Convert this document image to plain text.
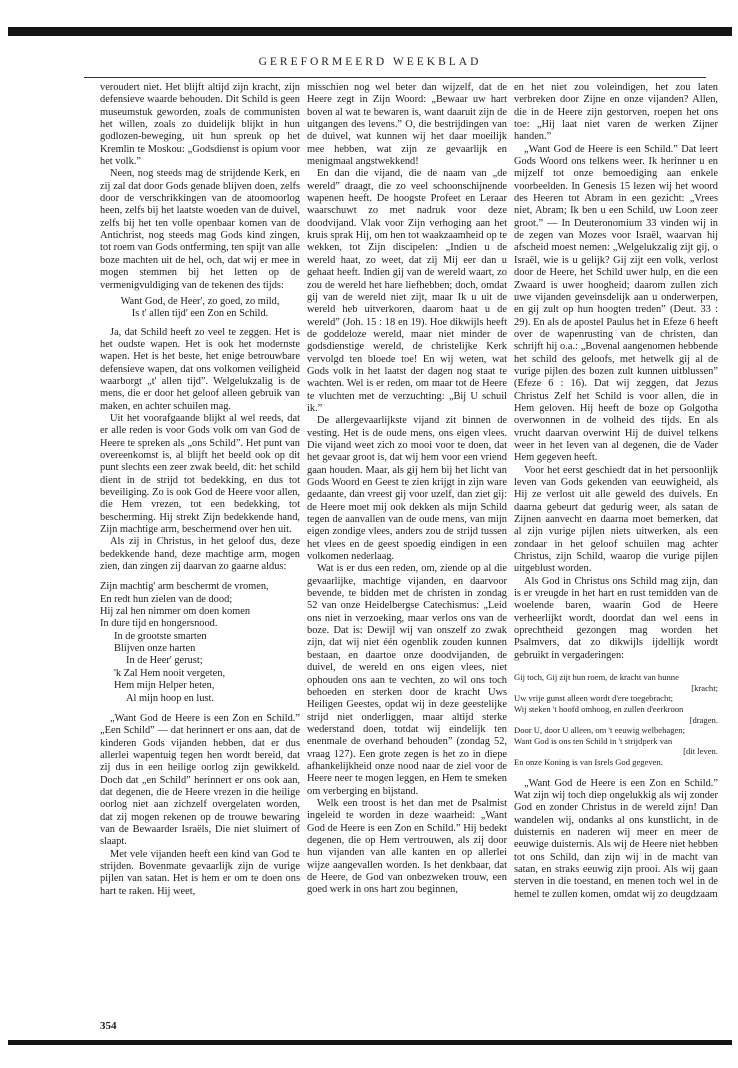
GEREFORMEERD WEEKBLAD

veroudert niet. Het blijft altijd zijn kracht, zijn defensieve waarde behouden. Dit Schild is geen museumstuk geworden, zoals de communisten het willen, zoals zo duidelijk blijkt in hun godlozen-beweging, uit hun spreuk op het Kremlin te Moskou: „Godsdienst is opium voor het volk.”

Neen, nog steeds mag de strijdende Kerk, en zij zal dat door Gods genade blijven doen, zelfs door de verschrikkingen van de atoomoorlog heen, zelfs bij het laatste woeden van de duivel, zelfs bij het ten volle openbaar komen van de Antichrist, nog steeds mag Gods kind zingen, tot roem van Gods ontferming, ten spijt van alle boze machten uit de hel, och, dat wij er mee in mogen stemmen bij het letten op de vermenigvuldiging van de tekenen des tijds:

Want God, de Heer', zo goed, zo mild,
Is t' allen tijd' een Zon en Schild.

Ja, dat Schild heeft zo veel te zeggen. Het is het oudste wapen. Het is ook het modernste wapen. Het is het beste, het enige betrouwbare defensieve wapen, dat ons volkomen veiligheid waarborgt „t' allen tijd”. Welgelukzalig is de mens, die er door het geloof alleen gebruik van maken, en achter schuilen mag.

Uit het voorafgaande blijkt al wel reeds, dat er alle reden is voor Gods volk om van God de Heere te spreken als „ons Schild”. Het punt van overeenkomst is, al blijft het beeld ook op dit punt slechts een zeer zwak beeld, dit: het schild dient in de strijd tot bedekking, en dus tot beveiliging. Zo is ook God de Heere voor allen, die Hem vrezen, tot een bedekking, tot bescherming. Hij strekt Zijn bedekkende hand, Zijn machtige arm, beschermend over hen uit.

Als zij in Christus, in het geloof dus, deze bedekkende hand, deze machtige arm, mogen zien, dan zingen zij daarvan zo gaarne aldus:

Zijn machtig' arm beschermt de vromen,
En redt hun zielen van de dood;
Hij zal hen nimmer om doen komen
In dure tijd en hongersnood.
In de grootste smarten
Blijven onze harten
In de Heer' gerust;
'k Zal Hem nooit vergeten,
Hem mijn Helper heten,
Al mijn hoop en lust.

„Want God de Heere is een Zon en Schild.” „Een Schild” — dat herinnert er ons aan, dat de kinderen Gods vijanden hebben, dat er dus allerlei wapentuig tegen hen wordt bereid, dat zij dus in een heilige oorlog zijn gewikkeld. Doch dat „en Schild” herinnert er ons ook aan, dat degenen, die de Heere vrezen in die heilige oorlog niet aan zichzelf overgelaten worden, dat zij mogen rekenen op de trouwe bewaring van de Bewaarder Israëls, Die niet sluimert of slaapt.

Met vele vijanden heeft een kind van God te strijden. Bovenmate gevaarlijk zijn de vurige pijlen van satan. Het is hem er om te doen ons hart te raken. Hij weet,

misschien nog wel beter dan wijzelf, dat de Heere zegt in Zijn Woord: „Bewaar uw hart boven al wat te bewaren is, want daaruit zijn de uitgangen des levens.” O, die bestrijdingen van de duivel, wat kunnen wij het daar moeilijk mee hebben, wat zijn ze gevaarlijk en menigmaal angstwekkend!

En dan die vijand, die de naam van „de wereld” draagt, die zo veel schoonschijnende wapenen heeft. De hoogste Profeet en Leraar waarschuwt zo met nadruk voor deze doodvijand. Vlak voor Zijn verhoging aan het kruis sprak Hij, om hen tot waakzaamheid op te wekken, tot Zijn discipelen: „Indien u de wereld haat, zo weet, dat zij Mij eer dan u gehaat heeft. Indien gij van de wereld waart, zo zou de wereld het hare liefhebben; doch, omdat gij van de wereld niet zijt, maar Ik u uit de wereld heb uitverkoren, daarom haat u de wereld” (Joh. 15 : 18 en 19). Hoe dikwijls heeft de goddeloze wereld, maar niet minder de godsdienstige wereld, de christelijke Kerk vervolgd ten bloede toe! En wij weten, wat Gods volk in het laatst der dagen nog staat te wachten. Wel is er reden, om maar tot de Heere te vluchten met de verzuchting: „Bij U schuil ik.”

De allergevaarlijkste vijand zit binnen de vesting. Het is de oude mens, ons eigen vlees. Die vijand weet zich zo mooi voor te doen, dat het gevaar groot is, dat wij hem voor een vriend gaan houden. Maar, als gij hem bij het licht van Gods Woord en Geest te zien krijgt in zijn ware gedaante, dan vreest gij voor uzelf, dan ziet gij: de Heere moet mij ook dekken als mijn Schild tegen de aanvallen van de oude mens, van mijn eigen zondige vlees, anders zou de strijd tussen het vlees en de geest spoedig eindigen in een volkomen nederlaag.

Wat is er dus een reden, om, ziende op al die gevaarlijke, machtige vijanden, en daarvoor bevende, te bidden met de christen in zondag 52 van onze Heidelbergse Catechismus: „Leid ons niet in verzoeking, maar verlos ons van de boze. Dat is: Dewijl wij van onszelf zo zwak zijn, dat wij niet één ogenblik zouden kunnen bestaan, en daartoe onze doodvijanden, de duivel, de wereld en ons eigen vlees, niet ophouden ons aan te vechten, zo wil ons toch behoeden en sterken door de kracht Uws Heiligen Geestes, opdat wij in deze geestelijke strijd niet onderliggen, maar altijd sterke wederstand doen, totdat wij eindelijk ten enenmale de overhand behouden” (zondag 52, vraag 127). Een grote zegen is het zo in diepe afhankelijkheid onze nood naar de ziel voor de Heere neer te mogen leggen, en Hem te smeken om verberging en bijstand.

Welk een troost is het dan met de Psalmist ingeleid te worden in deze waarheid: „Want God de Heere is een Zon en Schild.” Hij bedekt degenen, die op Hem vertrouwen, als zij door hun vijanden van alle kanten en op allerlei wijze aangevallen worden. Is het denkbaar, dat de Heere, de God van onbezweken trouw, een goed werk in ons hart zou beginnen,

en het niet zou voleindigen, het zou laten verbreken door Zijne en onze vijanden? Allen, die in de Heere zijn gestorven, roepen het ons toe: „Hij laat niet varen de werken Zijner handen.”

„Want God de Heere is een Schild.” Dat leert Gods Woord ons telkens weer. Ik herinner u en mijzelf tot onze bemoediging aan enkele voorbeelden. In Genesis 15 lezen wij het woord des Heeren tot Abram in een gezicht: „Vrees niet, Abram; Ik ben u een Schild, uw Loon zeer groot.” — In Deuteronomium 33 vinden wij in de zegen van Mozes voor Israël, waarvan hij afscheid moest nemen: „Welgelukzalig zijt gij, o Israël, wie is u gelijk? Gij zijt een volk, verlost door de Heere, het Schild uwer hulp, en die een Zwaard is uwer hoogheid; daarom zullen zich uwe vijanden geveinsdelijk aan u onderwerpen, en gij zult op hun hoogten treden” (Deut. 33 : 29). En als de apostel Paulus het in Efeze 6 heeft over de wapenrusting van de christen, dan schrijft hij o.a.: „Bovenal aangenomen hebbende het schild des geloofs, met hetwelk gij al de vurige pijlen des bozen zult kunnen uitblussen” (Efeze 6 : 16). Dat wij zeggen, dat Jezus Christus Zelf het Schild is voor allen, die in Hem geloven. Hij heeft de boze op Golgotha overwonnen in de volheid des tijds. En als vrucht daarvan overwint Hij de duivel telkens weer in het leven van al degenen, die de Vader Hem gegeven heeft.

Voor het eerst geschiedt dat in het persoonlijk leven van Gods gekenden van eeuwigheid, als Hij ze verlost uit alle geweld des duivels. En daarna gebeurt dat gedurig weer, als satan de Zijnen aanvecht en daarna moet bemerken, dat al zijn vurige pijlen niets uitwerken, als een zondaar in het geloof schuilen mag achter Christus, zijn Schild, waarop die vurige pijlen uitgeblust worden.

Als God in Christus ons Schild mag zijn, dan is er vreugde in het hart en rust temidden van de woelende baren, waarin God de Heere verheerlijkt wordt, doordat dan wel eens in oprechtheid gezongen mag worden het Psalmvers, dat zo dikwijls ijdellijk wordt gebruikt in vergaderingen:

Gij toch, Gij zijt hun roem, de kracht van hunne
[kracht;
Uw vrije gunst alleen wordt d'ere toegebracht;
Wij steken 't hoofd omhoog, en zullen d'eerkroon
[dragen.
Door U, door U alleen, om 't eeuwig welbehagen;
Want God is ons ten Schild in 't strijdperk van
[dit leven.
En onze Koning is van Isrels God gegeven.

„Want God de Heere is een Zon en Schild.” Wat zijn wij toch diep ongelukkig als wij zonder God en zonder Christus in de wereld zijn! Dan wandelen wij, ondanks al ons kunstlicht, in de duisternis en naderen wij meer en meer de eeuwige duisternis. Als wij de Heere niet hebben tot ons Schild, dan zijn wij in de macht van satan, en straks eeuwig zijn prooi. Als wij gaan sterven in die toestand, en menen toch wel in de hemel te zullen komen, omdat wij zo deugdzaam

354
